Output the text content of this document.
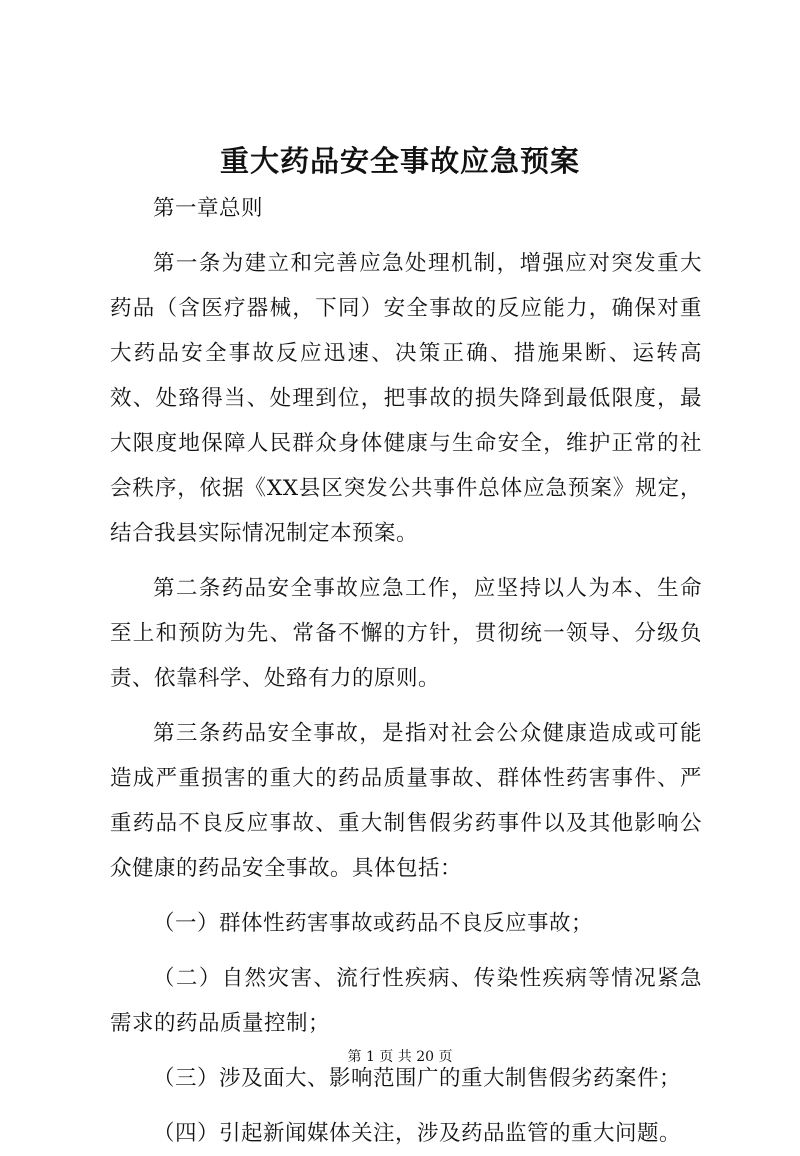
重大药品安全事故应急预案

第一章总则

第一条为建立和完善应急处理机制，增强应对突发重大药品（含医疗器械，下同）安全事故的反应能力，确保对重大药品安全事故反应迅速、决策正确、措施果断、运转高效、处臵得当、处理到位，把事故的损失降到最低限度，最大限度地保障人民群众身体健康与生命安全，维护正常的社会秩序，依据《XX县区突发公共事件总体应急预案》规定，结合我县实际情况制定本预案。

第二条药品安全事故应急工作，应坚持以人为本、生命至上和预防为先、常备不懈的方针，贯彻统一领导、分级负责、依靠科学、处臵有力的原则。

第三条药品安全事故，是指对社会公众健康造成或可能造成严重损害的重大的药品质量事故、群体性药害事件、严重药品不良反应事故、重大制售假劣药事件以及其他影响公众健康的药品安全事故。具体包括：

（一）群体性药害事故或药品不良反应事故；

（二）自然灾害、流行性疾病、传染性疾病等情况紧急需求的药品质量控制；

（三）涉及面大、影响范围广的重大制售假劣药案件；

（四）引起新闻媒体关注，涉及药品监管的重大问题。

第 1 页 共 20 页
